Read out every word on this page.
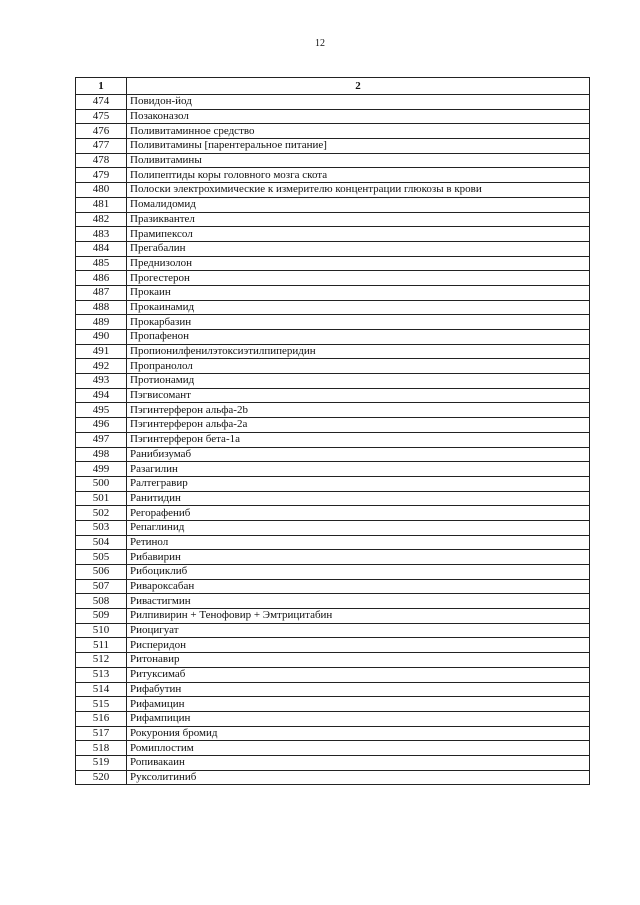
12
1	2
474	Повидон-йод
475	Позаконазол
476	Поливитаминное средство
477	Поливитамины [парентеральное питание]
478	Поливитамины
479	Полипептиды коры головного мозга скота
480	Полоски электрохимические к измерителю концентрации глюкозы в крови
481	Помалидомид
482	Празиквантел
483	Прамипексол
484	Прегабалин
485	Преднизолон
486	Прогестерон
487	Прокаин
488	Прокаинамид
489	Прокарбазин
490	Пропафенон
491	Пропионилфенилэтоксиэтилпиперидин
492	Пропранолол
493	Протионамид
494	Пэгвисомант
495	Пэгинтерферон альфа-2b
496	Пэгинтерферон альфа-2а
497	Пэгинтерферон бета-1а
498	Ранибизумаб
499	Разагилин
500	Ралтегравир
501	Ранитидин
502	Регорафениб
503	Репаглинид
504	Ретинол
505	Рибавирин
506	Рибоциклиб
507	Ривароксабан
508	Ривастигмин
509	Рилпивирин + Тенофовир + Эмтрицитабин
510	Риоцигуат
511	Рисперидон
512	Ритонавир
513	Ритуксимаб
514	Рифабутин
515	Рифамицин
516	Рифампицин
517	Рокурония бромид
518	Ромиплостим
519	Ропивакаин
520	Руксолитиниб
